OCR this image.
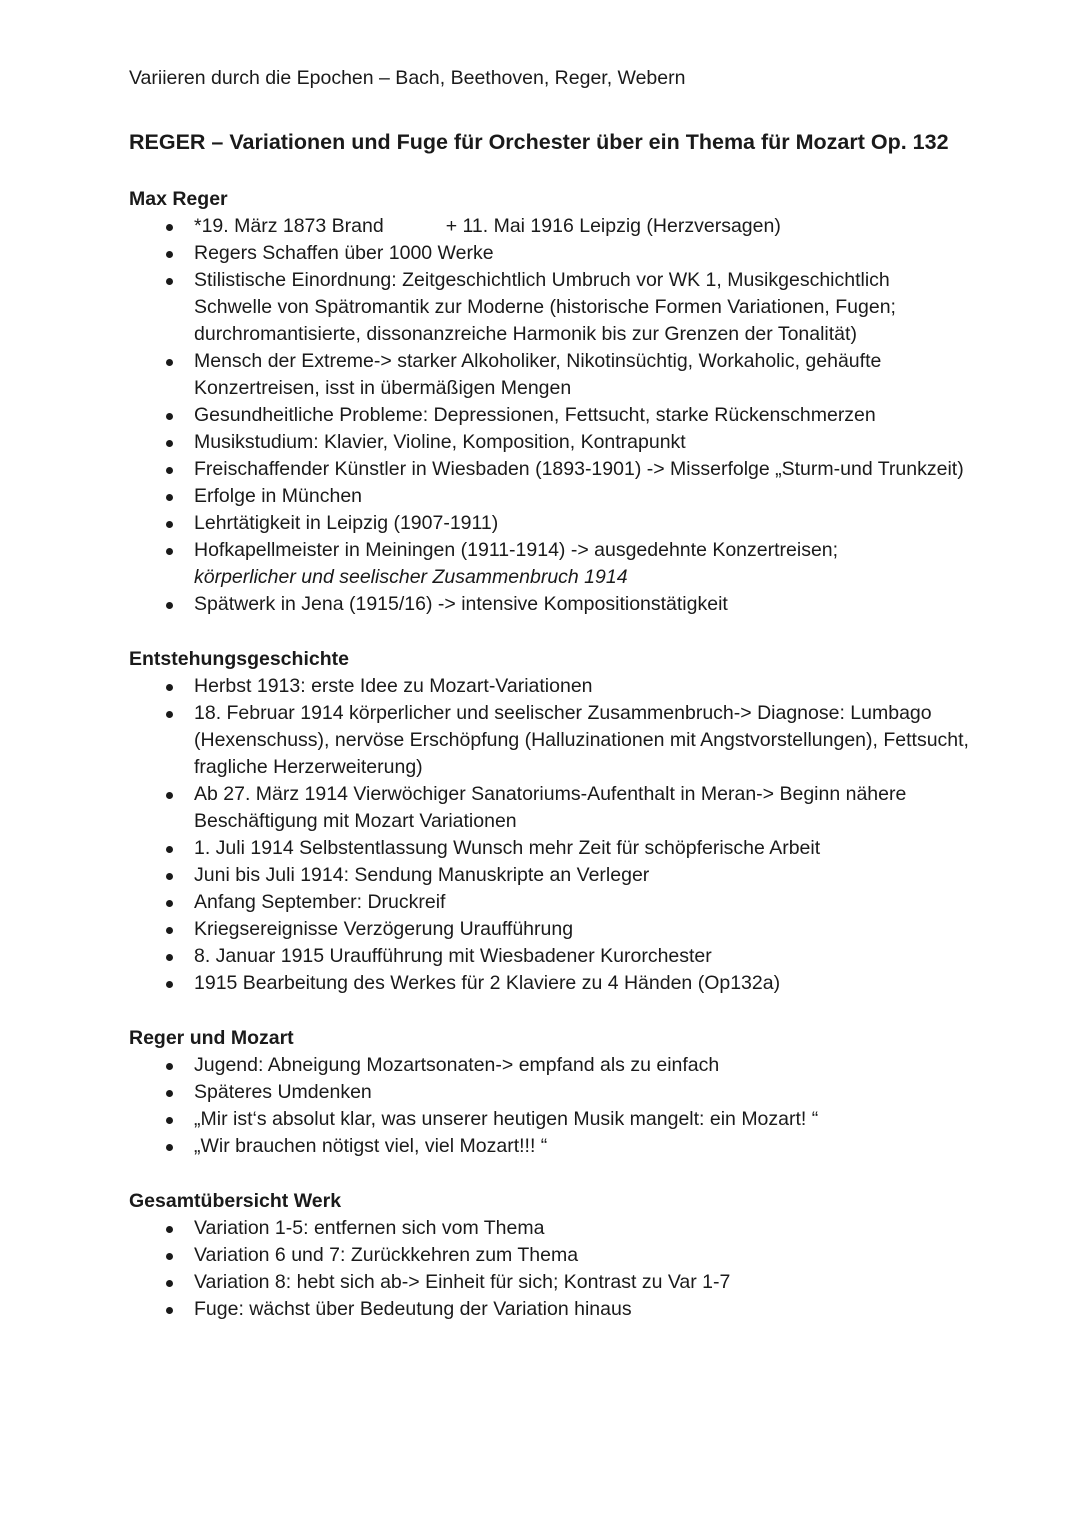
Variieren durch die Epochen – Bach, Beethoven, Reger, Webern

REGER – Variationen und Fuge für Orchester über ein Thema für Mozart Op. 132
Max Reger
*19. März 1873 Brand	+ 11. Mai 1916 Leipzig (Herzversagen)
Regers Schaffen über 1000 Werke
Stilistische Einordnung: Zeitgeschichtlich Umbruch vor WK 1, Musikgeschichtlich Schwelle von Spätromantik zur Moderne (historische Formen Variationen, Fugen; durchromantisierte, dissonanzreiche Harmonik bis zur Grenzen der Tonalität)
Mensch der Extreme-> starker Alkoholiker, Nikotinsüchtig, Workaholic, gehäufte Konzertreisen, isst in übermäßigen Mengen
Gesundheitliche Probleme: Depressionen, Fettsucht, starke Rückenschmerzen
Musikstudium: Klavier, Violine, Komposition, Kontrapunkt
Freischaffender Künstler in Wiesbaden (1893-1901) -> Misserfolge „Sturm-und Trunkzeit)
Erfolge in München
Lehrtätigkeit in Leipzig (1907-1911)
Hofkapellmeister in Meiningen (1911-1914) -> ausgedehnte Konzertreisen;
körperlicher und seelischer Zusammenbruch 1914
Spätwerk in Jena (1915/16) -> intensive Kompositionstätigkeit
Entstehungsgeschichte
Herbst 1913: erste Idee zu Mozart-Variationen
18. Februar 1914 körperlicher und seelischer Zusammenbruch-> Diagnose: Lumbago (Hexenschuss), nervöse Erschöpfung (Halluzinationen mit Angstvorstellungen), Fettsucht, fragliche Herzerweiterung)
Ab 27. März 1914 Vierwöchiger Sanatoriums-Aufenthalt in Meran-> Beginn nähere Beschäftigung mit Mozart Variationen
1. Juli 1914 Selbstentlassung Wunsch mehr Zeit für schöpferische Arbeit
Juni bis Juli 1914: Sendung Manuskripte an Verleger
Anfang September: Druckreif
Kriegsereignisse Verzögerung Uraufführung
8. Januar 1915 Uraufführung mit Wiesbadener Kurorchester
1915 Bearbeitung des Werkes für 2 Klaviere zu 4 Händen (Op132a)
Reger und Mozart
Jugend: Abneigung Mozartsonaten-> empfand als zu einfach
Späteres Umdenken
„Mir ist‘s absolut klar, was unserer heutigen Musik mangelt: ein Mozart! “
„Wir brauchen nötigst viel, viel Mozart!!! “
Gesamtübersicht Werk
Variation 1-5: entfernen sich vom Thema
Variation 6 und 7: Zurückkehren zum Thema
Variation 8: hebt sich ab-> Einheit für sich; Kontrast zu Var 1-7
Fuge: wächst über Bedeutung der Variation hinaus
